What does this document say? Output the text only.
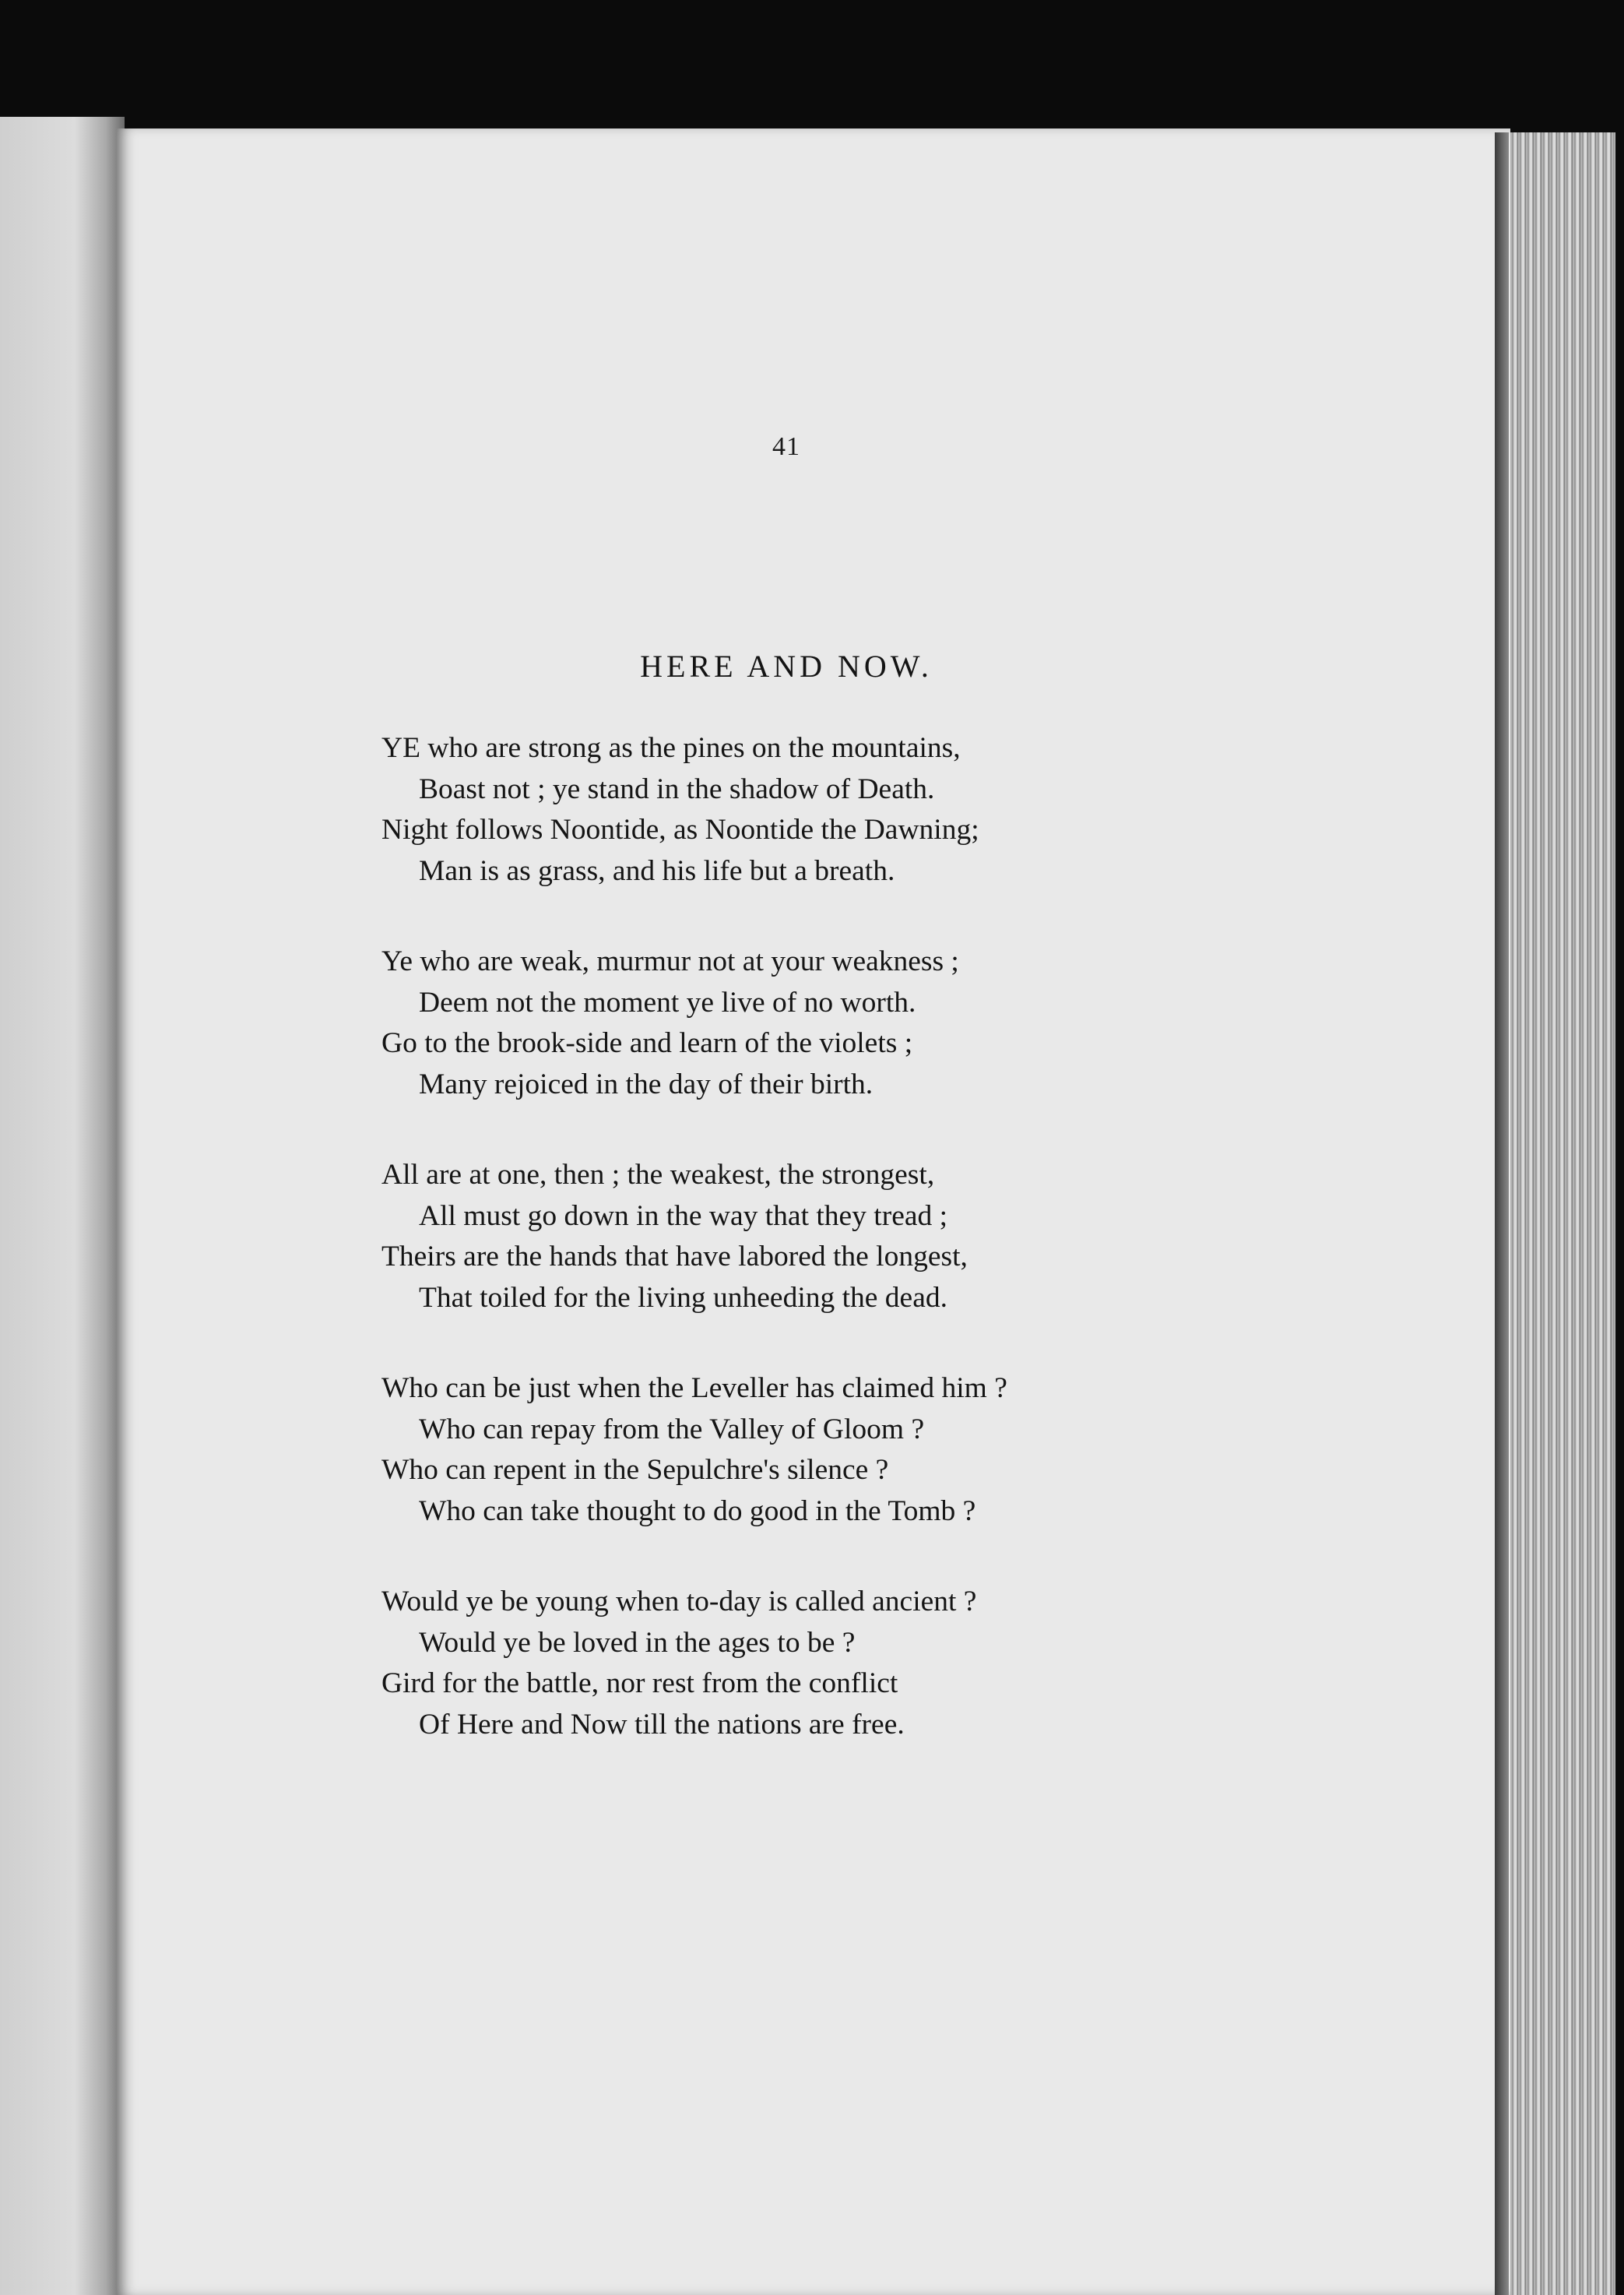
41
HERE AND NOW.
YE who are strong as the pines on the mountains,
Boast not ; ye stand in the shadow of Death.
Night follows Noontide, as Noontide the Dawning;
Man is as grass, and his life but a breath.
Ye who are weak, murmur not at your weakness ;
Deem not the moment ye live of no worth.
Go to the brook-side and learn of the violets ;
Many rejoiced in the day of their birth.
All are at one, then ; the weakest, the strongest,
All must go down in the way that they tread ;
Theirs are the hands that have labored the longest,
That toiled for the living unheeding the dead.
Who can be just when the Leveller has claimed him ?
Who can repay from the Valley of Gloom ?
Who can repent in the Sepulchre's silence ?
Who can take thought to do good in the Tomb ?
Would ye be young when to-day is called ancient ?
Would ye be loved in the ages to be ?
Gird for the battle, nor rest from the conflict
Of Here and Now till the nations are free.
